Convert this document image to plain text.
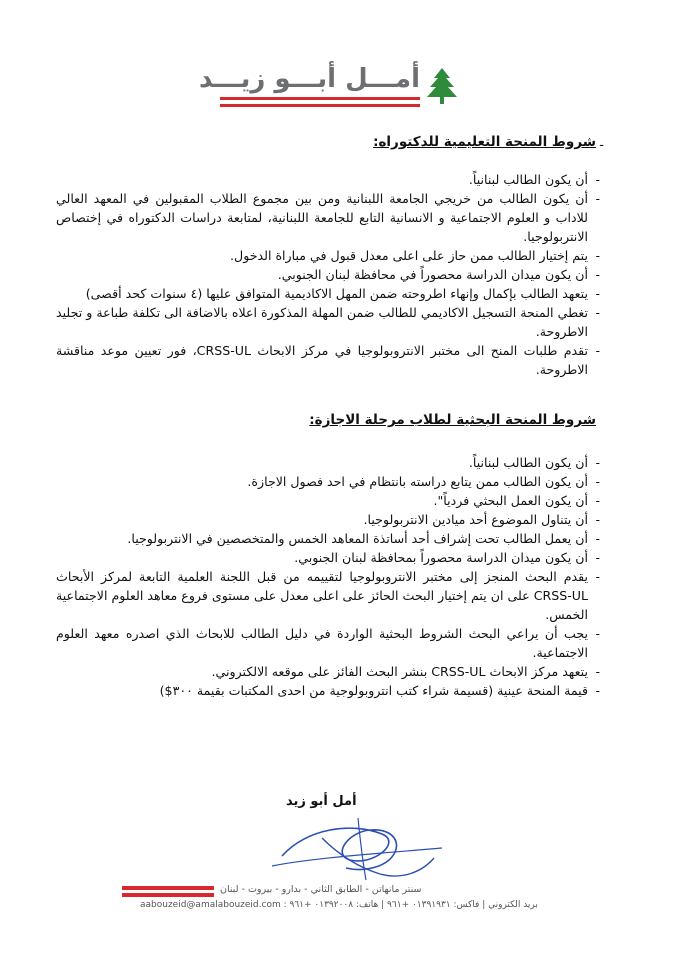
أمـــل أبـــو زيـــد
-
شروط المنحة التعليمية للدكتوراه:
- أن يكون الطالب لبنانياً.
- أن يكون الطالب من خريجي الجامعة اللبنانية ومن بين مجموع الطلاب المقبولين في المعهد العالي للاداب و العلوم الاجتماعية و الانسانية التابع للجامعة اللبنانية، لمتابعة دراسات الدكتوراه في إختصاص الانتربولوجيا.
- يتم إختيار الطالب ممن حاز على اعلى معدل قبول في مباراة الدخول.
- أن يكون ميدان الدراسة محصوراً في محافظة لبنان الجنوبي.
- يتعهد الطالب بإكمال وإنهاء اطروحته ضمن المهل الاكاديمية المتوافق عليها (٤ سنوات كحد أقصى)
- تغطي المنحة التسجيل الاكاديمي للطالب ضمن المهلة المذكورة اعلاه بالاضافة الى تكلفة طباعة و تجليد الاطروحة.
- تقدم طلبات المنح الى مختبر الانتروبولوجيا في مركز الابحاث CRSS-UL، فور تعيين موعد مناقشة الاطروحة.
شروط المنحة البحثية لطلاب مرحلة الاجازة:
- أن يكون الطالب لبنانياً.
- أن يكون الطالب ممن يتابع دراسته بانتظام في احد فصول الاجازة.
- أن يكون العمل البحثي فردياً".
- أن يتناول الموضوع أحد ميادين الانتربولوجيا.
- أن يعمل الطالب تحت إشراف أحد أساتذة المعاهد الخمس والمتخصصين في الانتربولوجيا.
- أن يكون ميدان الدراسة محصوراً بمحافظة لبنان الجنوبي.
- يقدم البحث المنجز إلى مختبر الانتروبولوجيا لتقييمه من قبل اللجنة العلمية التابعة لمركز الأبحاث CRSS-UL على ان يتم إختيار البحث الحائز على اعلى معدل على مستوى فروع معاهد العلوم الاجتماعية الخمس.
- يجب أن يراعي البحث الشروط البحثية الواردة في دليل الطالب للابحاث الذي اصدره معهد العلوم الاجتماعية.
- يتعهد مركز الابحاث CRSS-UL بنشر البحث الفائز على موقعه الالكتروني.
- قيمة المنحة عينية (قسيمة شراء كتب انتروبولوجية من احدى المكتبات بقيمة ٣٠٠$)
أمل أبو زيد
سنتر مانهاتن - الطابق الثاني - بدارو - بيروت - لبنان
aabouzeid@amalabouzeid.com : بريد الكتروني | فاكس: ٠١٣٩١٩٣١ +٩٦١ | هاتف: ٠١٣٩٢٠٠٨ +٩٦١
